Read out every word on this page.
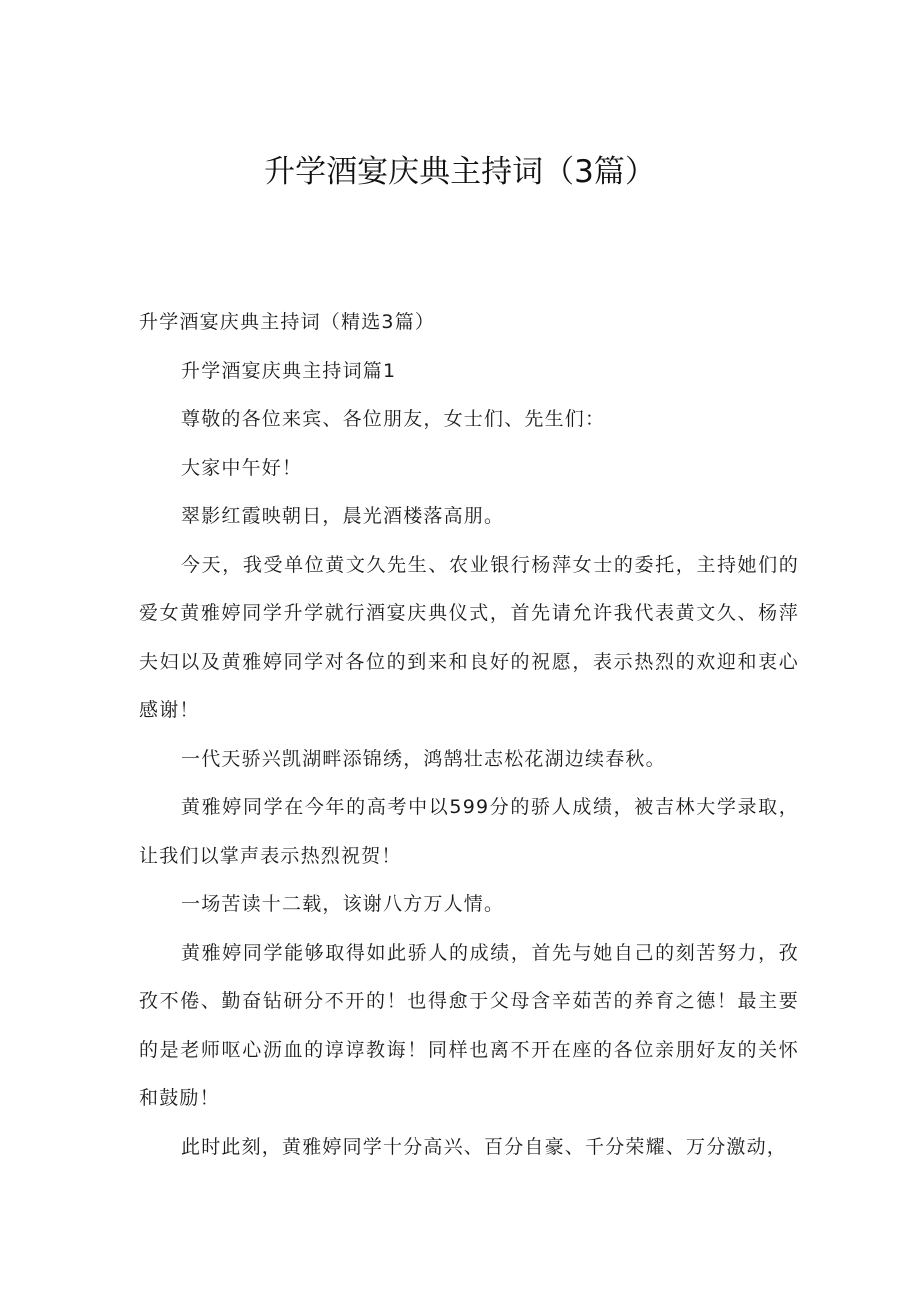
升学酒宴庆典主持词（3篇）

升学酒宴庆典主持词（精选3篇）

升学酒宴庆典主持词篇1

尊敬的各位来宾、各位朋友，女士们、先生们：

大家中午好！

翠影红霞映朝日，晨光酒楼落高朋。

今天，我受单位黄文久先生、农业银行杨萍女士的委托，主持她们的爱女黄雅婷同学升学就行酒宴庆典仪式，首先请允许我代表黄文久、杨萍夫妇以及黄雅婷同学对各位的到来和良好的祝愿，表示热烈的欢迎和衷心感谢！

一代天骄兴凯湖畔添锦绣，鸿鹄壮志松花湖边续春秋。

黄雅婷同学在今年的高考中以599分的骄人成绩，被吉林大学录取，让我们以掌声表示热烈祝贺！

一场苦读十二载，该谢八方万人情。

黄雅婷同学能够取得如此骄人的成绩，首先与她自己的刻苦努力，孜孜不倦、勤奋钻研分不开的！也得愈于父母含辛茹苦的养育之德！最主要的是老师呕心沥血的谆谆教诲！同样也离不开在座的各位亲朋好友的关怀和鼓励！

此时此刻，黄雅婷同学十分高兴、百分自豪、千分荣耀、万分激动，
